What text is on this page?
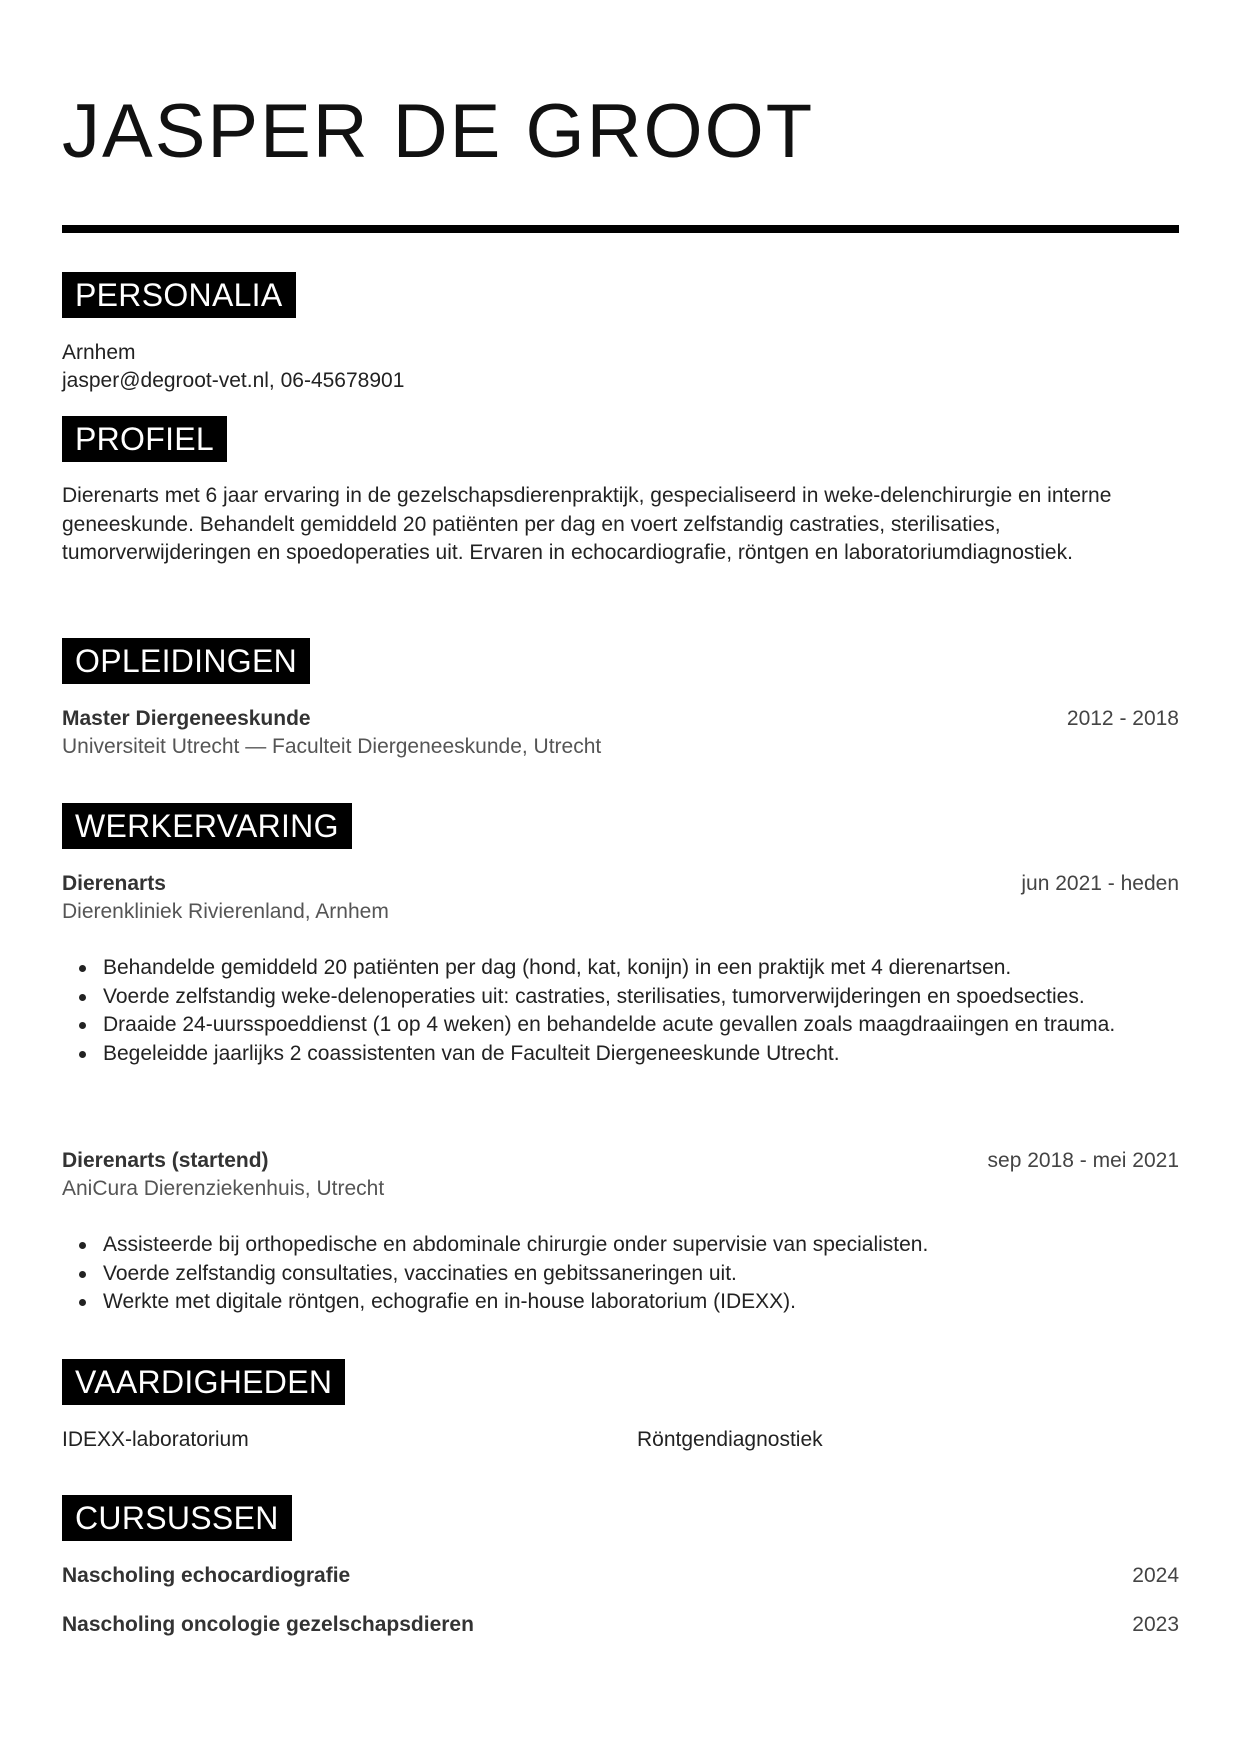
JASPER DE GROOT
PERSONALIA
Arnhem
jasper@degroot-vet.nl, 06-45678901
PROFIEL

Dierenarts met 6 jaar ervaring in de gezelschapsdierenpraktijk, gespecialiseerd in weke-delenchirurgie en interne geneeskunde. Behandelt gemiddeld 20 patiënten per dag en voert zelfstandig castraties, sterilisaties, tumorverwijderingen en spoedoperaties uit. Ervaren in echocardiografie, röntgen en laboratoriumdiagnostiek.

OPLEIDINGEN
Master Diergeneeskunde	2012 - 2018
Universiteit Utrecht — Faculteit Diergeneeskunde, Utrecht
WERKERVARING
Dierenarts	jun 2021 - heden
Dierenkliniek Rivierenland, Arnhem
Behandelde gemiddeld 20 patiënten per dag (hond, kat, konijn) in een praktijk met 4 dierenartsen.
Voerde zelfstandig weke-delenoperaties uit: castraties, sterilisaties, tumorverwijderingen en spoedsecties.
Draaide 24-uursspoeddienst (1 op 4 weken) en behandelde acute gevallen zoals maagdraaiingen en trauma.
Begeleidde jaarlijks 2 coassistenten van de Faculteit Diergeneeskunde Utrecht.
Dierenarts (startend)	sep 2018 - mei 2021
AniCura Dierenziekenhuis, Utrecht
Assisteerde bij orthopedische en abdominale chirurgie onder supervisie van specialisten.
Voerde zelfstandig consultaties, vaccinaties en gebitssaneringen uit.
Werkte met digitale röntgen, echografie en in-house laboratorium (IDEXX).
VAARDIGHEDEN
IDEXX-laboratorium	Röntgendiagnostiek
CURSUSSEN
Nascholing echocardiografie	2024
Nascholing oncologie gezelschapsdieren	2023
